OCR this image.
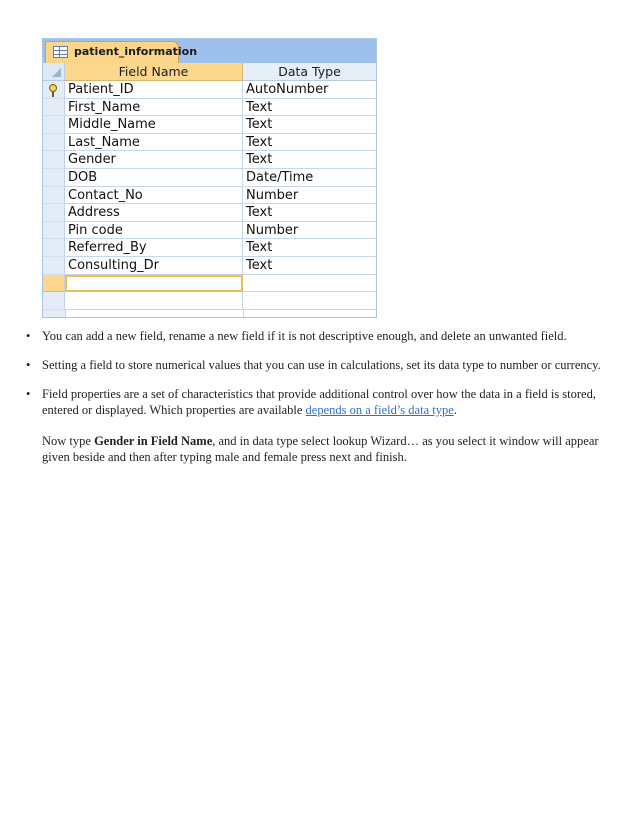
patient_information
Field Name	Data Type
Patient_ID	AutoNumber
First_Name	Text
Middle_Name	Text
Last_Name	Text
Gender	Text
DOB	Date/Time
Contact_No	Number
Address	Text
Pin code	Number
Referred_By	Text
Consulting_Dr	Text
• You can add a new field, rename a new field if it is not descriptive enough, and delete an unwanted field.

• Setting a field to store numerical values that you can use in calculations, set its data type to number or currency.

• Field properties are a set of characteristics that provide additional control over how the data in a field is stored, entered or displayed. Which properties are available depends on a field’s data type.

Now type Gender in Field Name, and in data type select lookup Wizard… as you select it window will appear given beside and then after typing male and female press next and finish.
